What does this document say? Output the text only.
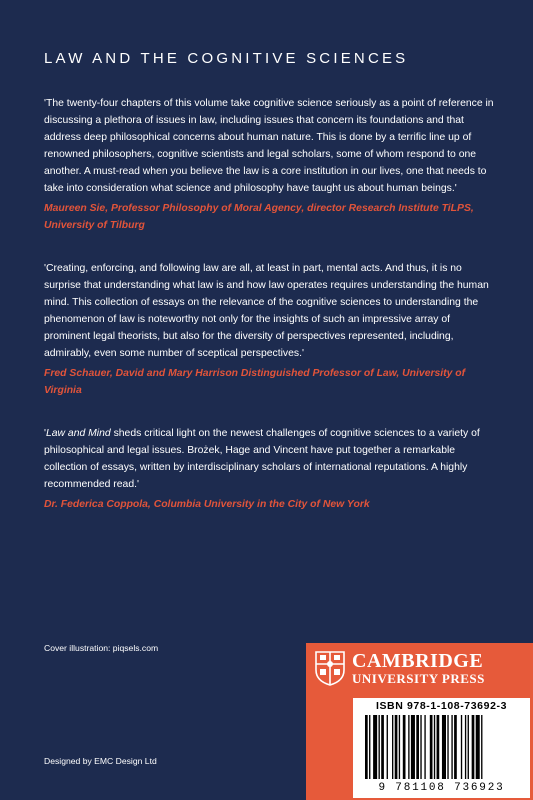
LAW AND THE COGNITIVE SCIENCES

'The twenty-four chapters of this volume take cognitive science seriously as a point of reference in discussing a plethora of issues in law, including issues that concern its foundations and that address deep philosophical concerns about human nature. This is done by a terrific line up of renowned philosophers, cognitive scientists and legal scholars, some of whom respond to one another. A must-read when you believe the law is a core institution in our lives, one that needs to take into consideration what science and philosophy have taught us about human beings.'

Maureen Sie, Professor Philosophy of Moral Agency, director Research Institute TiLPS, University of Tilburg

'Creating, enforcing, and following law are all, at least in part, mental acts. And thus, it is no surprise that understanding what law is and how law operates requires understanding the human mind. This collection of essays on the relevance of the cognitive sciences to understanding the phenomenon of law is noteworthy not only for the insights of such an impressive array of prominent legal theorists, but also for the diversity of perspectives represented, including, admirably, even some number of sceptical perspectives.'

Fred Schauer, David and Mary Harrison Distinguished Professor of Law, University of Virginia

'Law and Mind sheds critical light on the newest challenges of cognitive sciences to a variety of philosophical and legal issues. Brożek, Hage and Vincent have put together a remarkable collection of essays, written by interdisciplinary scholars of international reputations. A highly recommended read.'

Dr. Federica Coppola, Columbia University in the City of New York

Cover illustration: piqsels.com
Designed by EMC Design Ltd
CAMBRIDGE
UNIVERSITY PRESS
ISBN 978-1-108-73692-3
9 781108 736923
